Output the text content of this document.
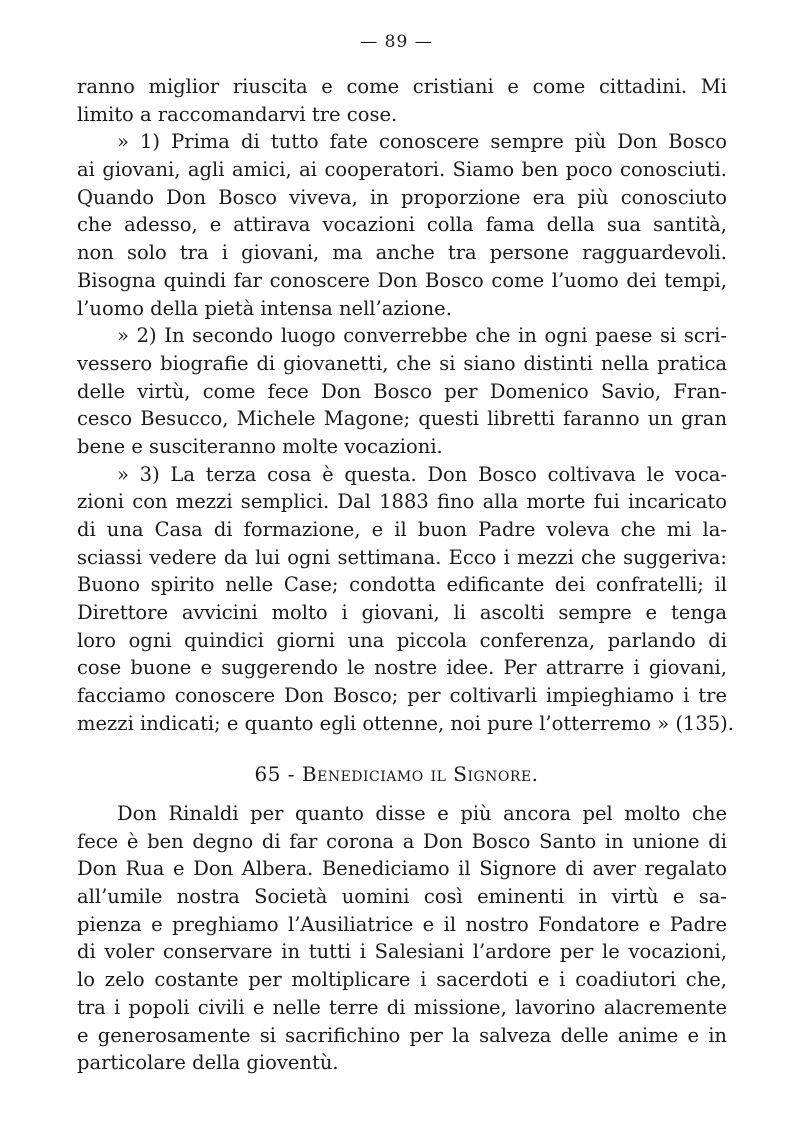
— 89 —
ranno miglior riuscita e come cristiani e come cittadini. Mi
limito a raccomandarvi tre cose.
» 1) Prima di tutto fate conoscere sempre più Don Bosco
ai giovani, agli amici, ai cooperatori. Siamo ben poco conosciuti.
Quando Don Bosco viveva, in proporzione era più conosciuto
che adesso, e attirava vocazioni colla fama della sua santità,
non solo tra i giovani, ma anche tra persone ragguardevoli.
Bisogna quindi far conoscere Don Bosco come l’uomo dei tempi,
l’uomo della pietà intensa nell’azione.
» 2) In secondo luogo converrebbe che in ogni paese si scri-
vessero biografie di giovanetti, che si siano distinti nella pratica
delle virtù, come fece Don Bosco per Domenico Savio, Fran-
cesco Besucco, Michele Magone; questi libretti faranno un gran
bene e susciteranno molte vocazioni.
» 3) La terza cosa è questa. Don Bosco coltivava le voca-
zioni con mezzi semplici. Dal 1883 fino alla morte fui incaricato
di una Casa di formazione, e il buon Padre voleva che mi la-
sciassi vedere da lui ogni settimana. Ecco i mezzi che suggeriva:
Buono spirito nelle Case; condotta edificante dei confratelli; il
Direttore avvicini molto i giovani, li ascolti sempre e tenga
loro ogni quindici giorni una piccola conferenza, parlando di
cose buone e suggerendo le nostre idee. Per attrarre i giovani,
facciamo conoscere Don Bosco; per coltivarli impieghiamo i tre
mezzi indicati; e quanto egli ottenne, noi pure l’otterremo » (135).
65 - Benediciamo il Signore.
Don Rinaldi per quanto disse e più ancora pel molto che
fece è ben degno di far corona a Don Bosco Santo in unione di
Don Rua e Don Albera. Benediciamo il Signore di aver regalato
all’umile nostra Società uomini così eminenti in virtù e sa-
pienza e preghiamo l’Ausiliatrice e il nostro Fondatore e Padre
di voler conservare in tutti i Salesiani l’ardore per le vocazioni,
lo zelo costante per moltiplicare i sacerdoti e i coadiutori che,
tra i popoli civili e nelle terre di missione, lavorino alacremente
e generosamente si sacrifichino per la salveza delle anime e in
particolare della gioventù.
